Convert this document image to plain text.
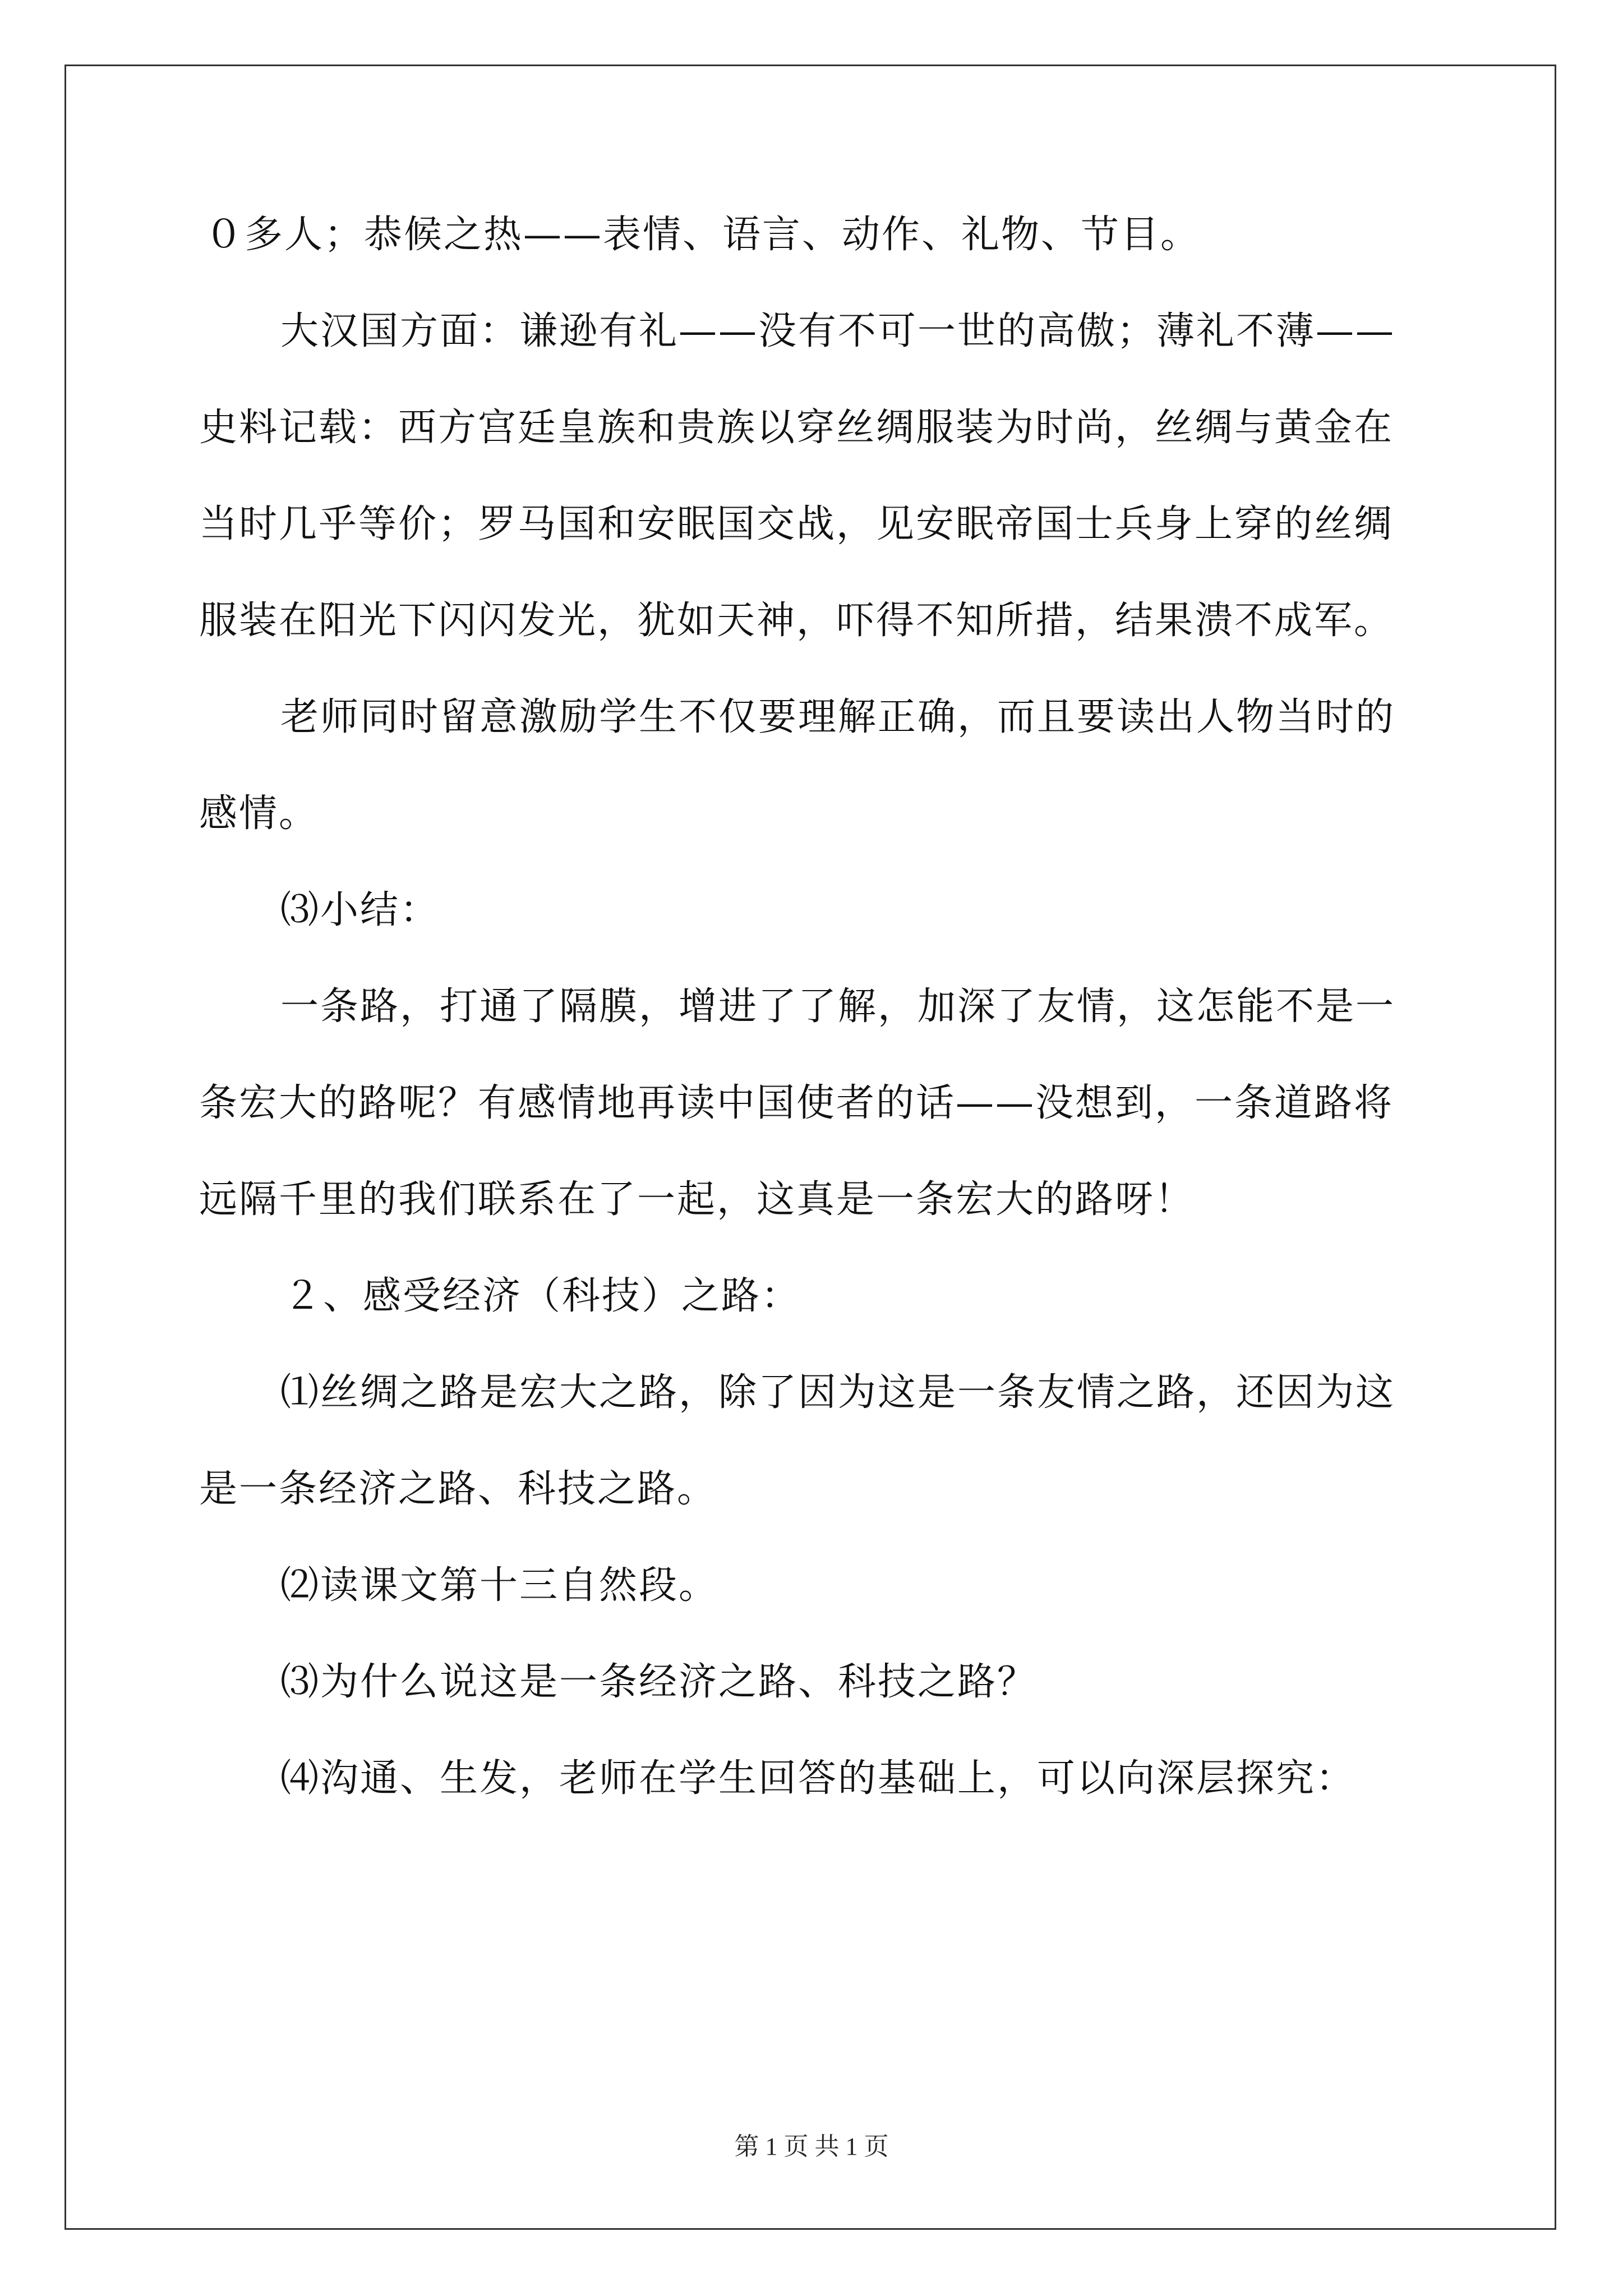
０多人；恭候之热——表情、语言、动作、礼物、节目。
大汉国方面：谦逊有礼——没有不可一世的高傲；薄礼不薄——
史料记载：西方宫廷皇族和贵族以穿丝绸服装为时尚，丝绸与黄金在
当时几乎等价；罗马国和安眠国交战，见安眠帝国士兵身上穿的丝绸
服装在阳光下闪闪发光，犹如天神，吓得不知所措，结果溃不成军。
老师同时留意激励学生不仅要理解正确，而且要读出人物当时的
感情。
⑶小结：
一条路，打通了隔膜，增进了了解，加深了友情，这怎能不是一
条宏大的路呢？有感情地再读中国使者的话——没想到，一条道路将
远隔千里的我们联系在了一起，这真是一条宏大的路呀！
２、感受经济（科技）之路：
⑴丝绸之路是宏大之路，除了因为这是一条友情之路，还因为这
是一条经济之路、科技之路。
⑵读课文第十三自然段。
⑶为什么说这是一条经济之路、科技之路？
⑷沟通、生发，老师在学生回答的基础上，可以向深层探究：
第 1 页 共 1 页
